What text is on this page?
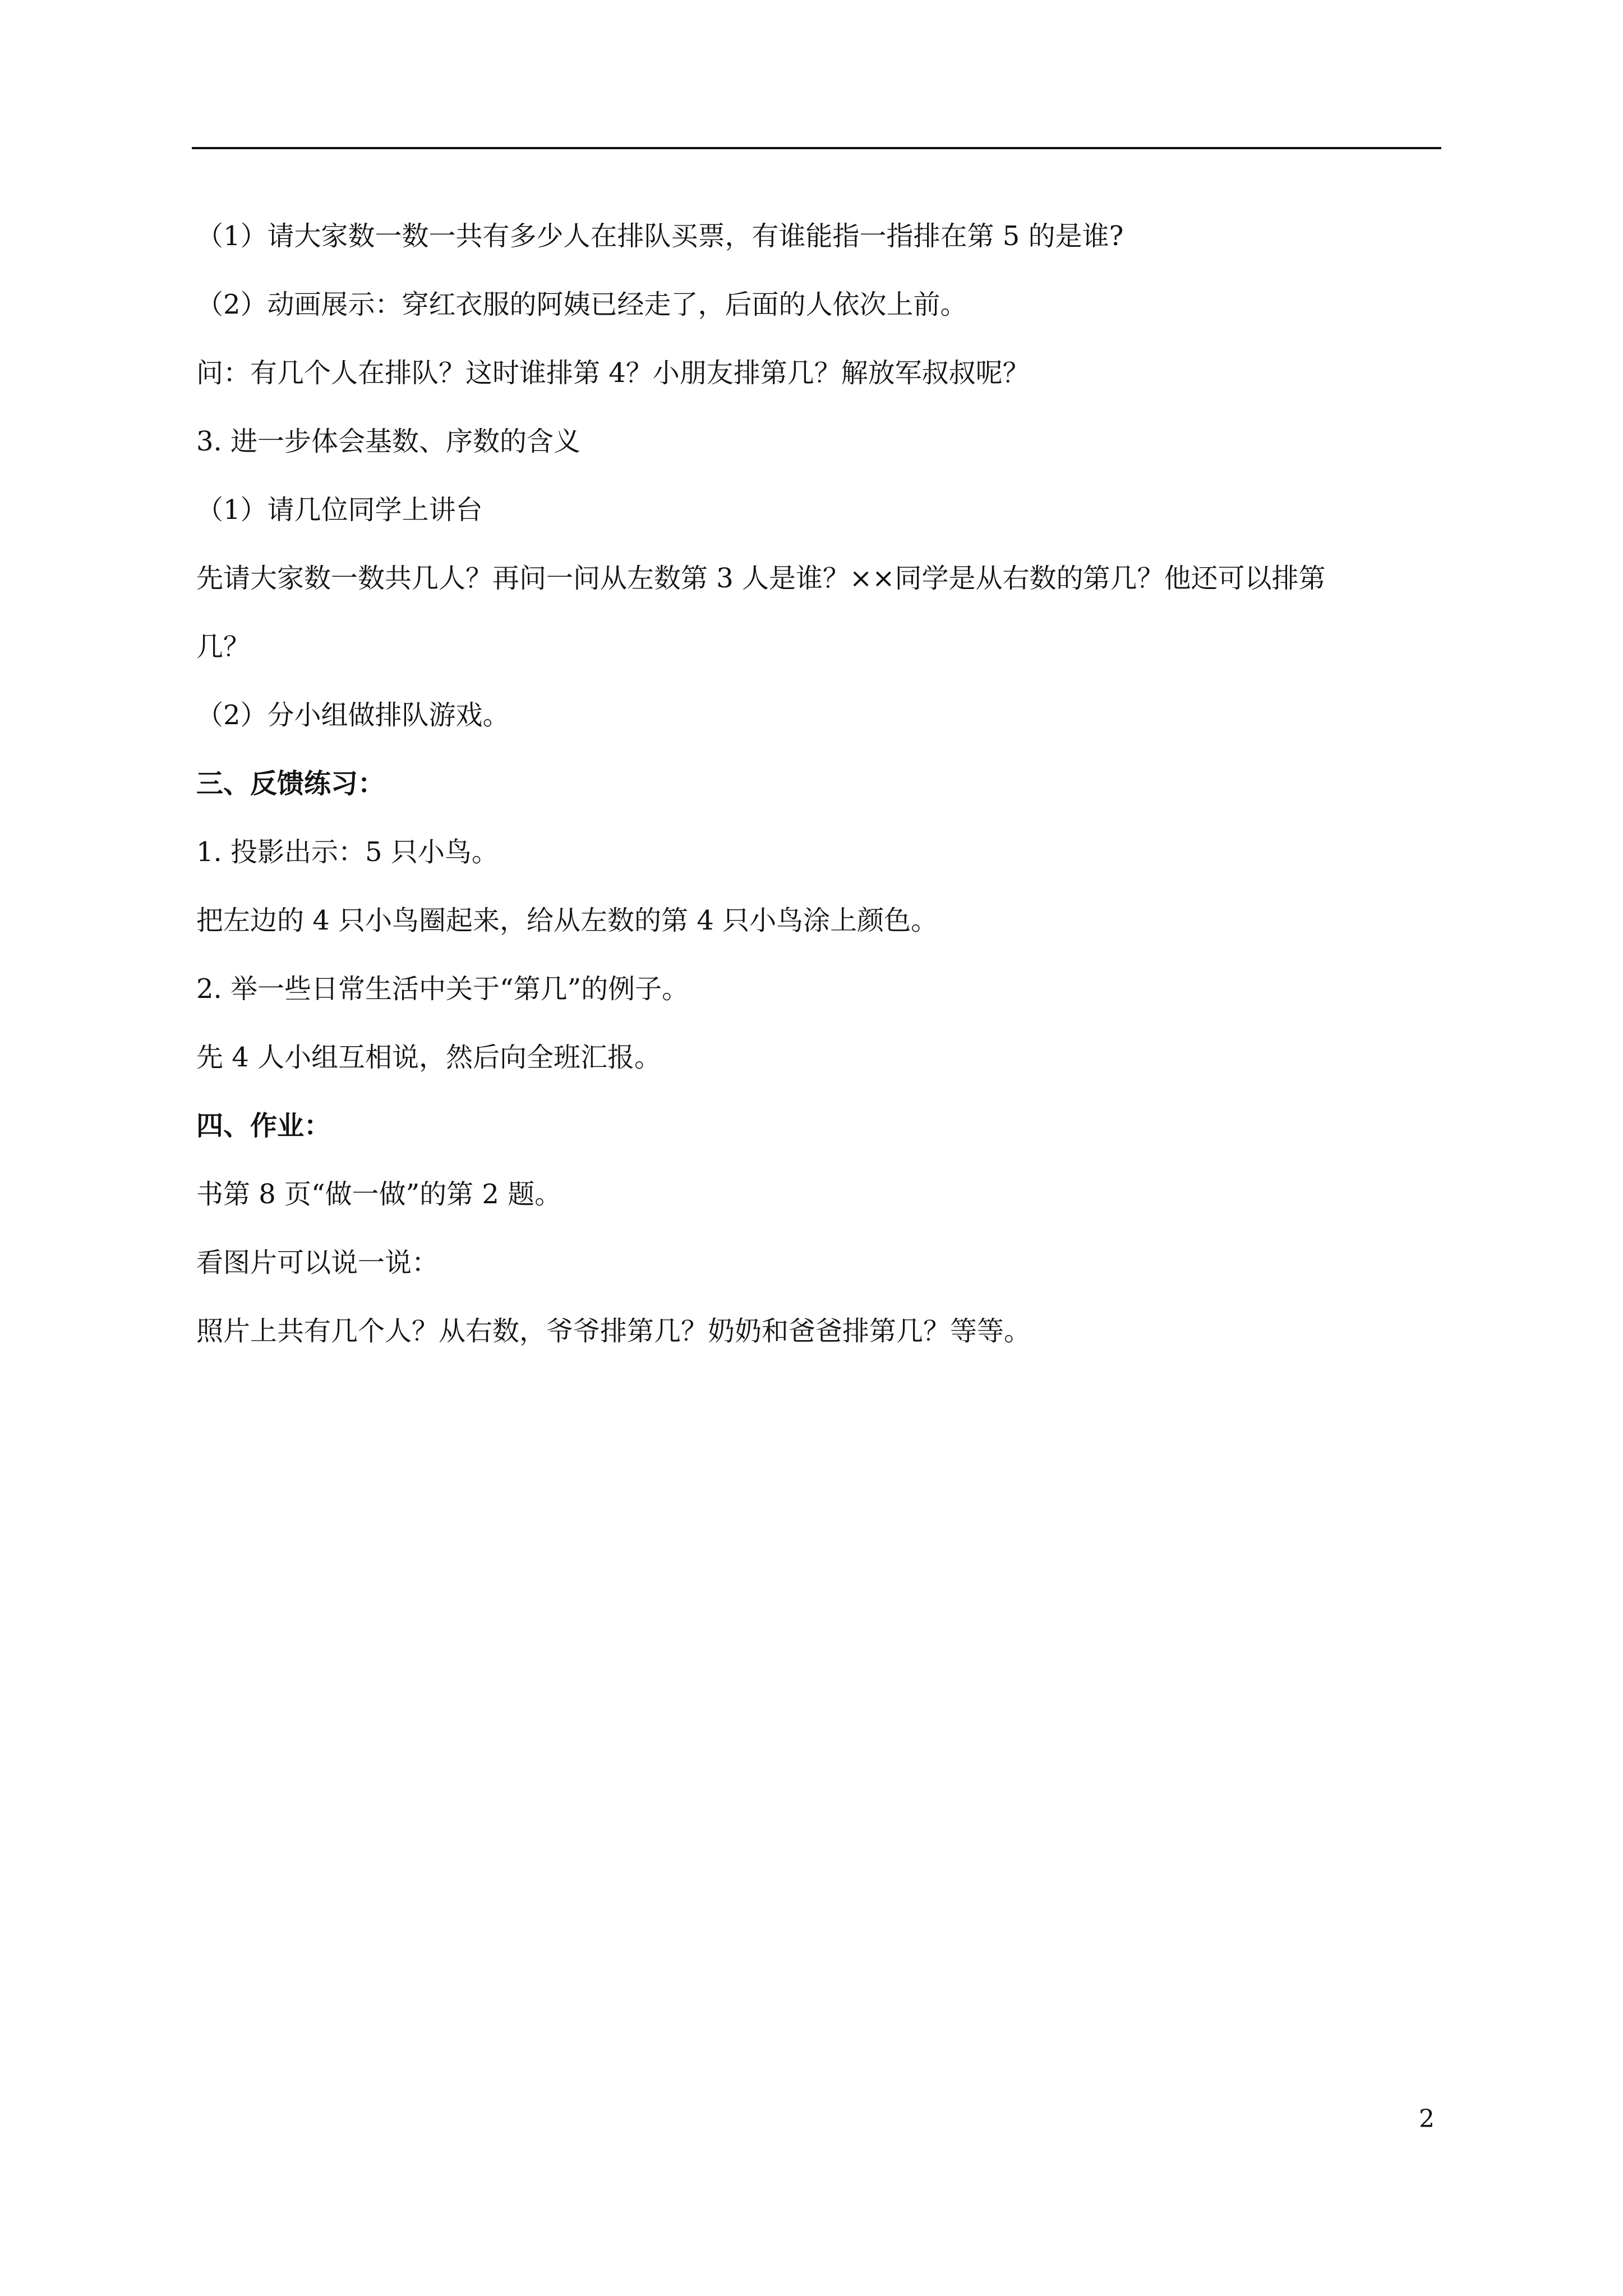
（1）请大家数一数一共有多少人在排队买票，有谁能指一指排在第 5 的是谁?

（2）动画展示：穿红衣服的阿姨已经走了，后面的人依次上前。

问：有几个人在排队？这时谁排第 4？小朋友排第几？解放军叔叔呢？

3. 进一步体会基数、序数的含义

（1）请几位同学上讲台

先请大家数一数共几人？再问一问从左数第 3 人是谁？××同学是从右数的第几？他还可以排第

几？

（2）分小组做排队游戏。

三、反馈练习：

1. 投影出示：5 只小鸟。

把左边的 4 只小鸟圈起来，给从左数的第 4 只小鸟涂上颜色。

2. 举一些日常生活中关于“第几”的例子。

先 4 人小组互相说，然后向全班汇报。

四、作业：

书第 8 页“做一做”的第 2 题。

看图片可以说一说：

照片上共有几个人？从右数，爷爷排第几？奶奶和爸爸排第几？等等。

2
